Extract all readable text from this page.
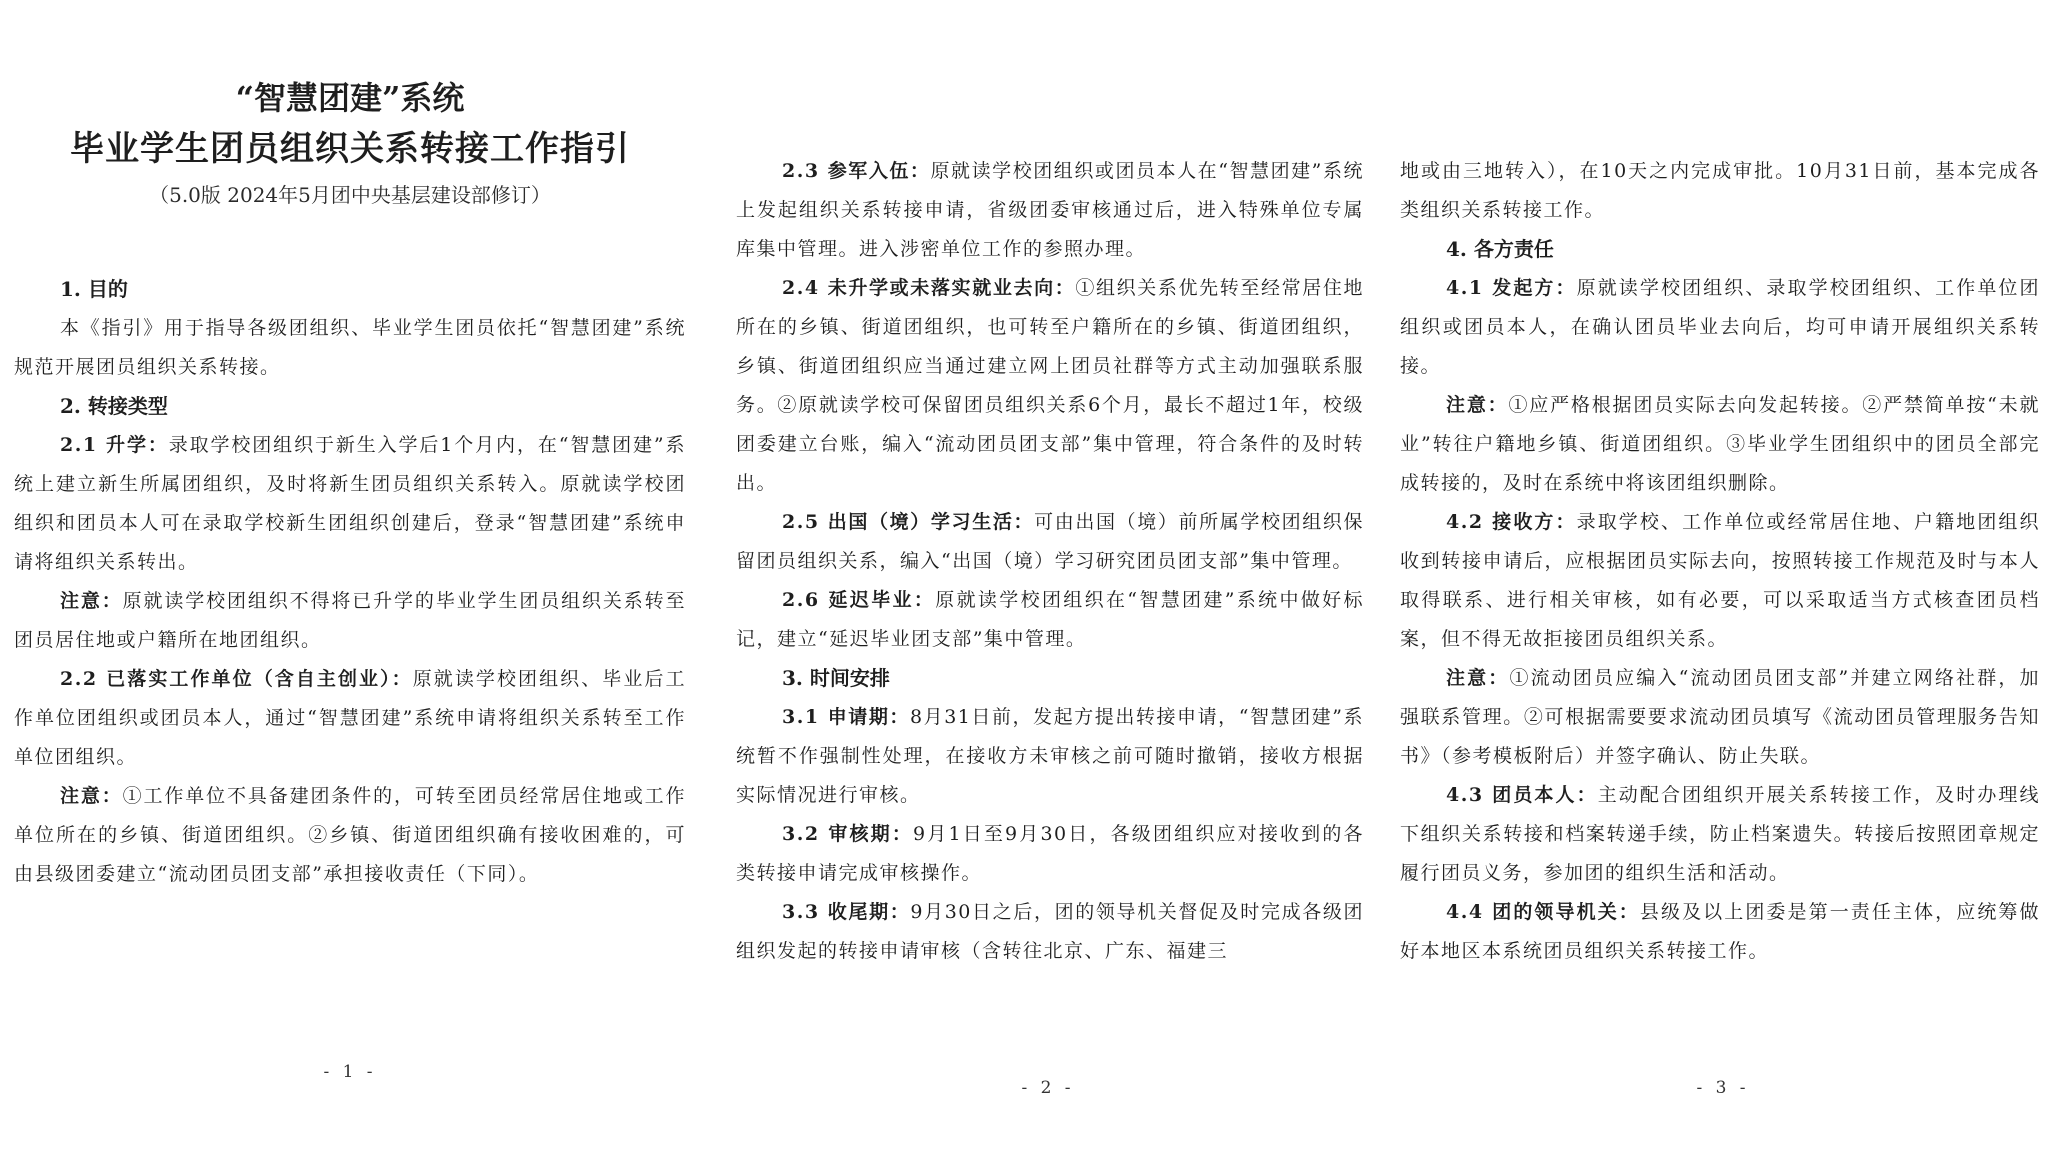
“智慧团建”系统
毕业学生团员组织关系转接工作指引
（5.0版 2024年5月团中央基层建设部修订）

1. 目的

本《指引》用于指导各级团组织、毕业学生团员依托“智慧团建”系统规范开展团员组织关系转接。

2. 转接类型

2.1 升学：录取学校团组织于新生入学后1个月内，在“智慧团建”系统上建立新生所属团组织，及时将新生团员组织关系转入。原就读学校团组织和团员本人可在录取学校新生团组织创建后，登录“智慧团建”系统申请将组织关系转出。

注意：原就读学校团组织不得将已升学的毕业学生团员组织关系转至团员居住地或户籍所在地团组织。

2.2 已落实工作单位（含自主创业）：原就读学校团组织、毕业后工作单位团组织或团员本人，通过“智慧团建”系统申请将组织关系转至工作单位团组织。

注意：①工作单位不具备建团条件的，可转至团员经常居住地或工作单位所在的乡镇、街道团组织。②乡镇、街道团组织确有接收困难的，可由县级团委建立“流动团员团支部”承担接收责任（下同）。

- 1 -

2.3 参军入伍：原就读学校团组织或团员本人在“智慧团建”系统上发起组织关系转接申请，省级团委审核通过后，进入特殊单位专属库集中管理。进入涉密单位工作的参照办理。

2.4 未升学或未落实就业去向：①组织关系优先转至经常居住地所在的乡镇、街道团组织，也可转至户籍所在的乡镇、街道团组织，乡镇、街道团组织应当通过建立网上团员社群等方式主动加强联系服务。②原就读学校可保留团员组织关系6个月，最长不超过1年，校级团委建立台账，编入“流动团员团支部”集中管理，符合条件的及时转出。

2.5 出国（境）学习生活：可由出国（境）前所属学校团组织保留团员组织关系，编入“出国（境）学习研究团员团支部”集中管理。

2.6 延迟毕业：原就读学校团组织在“智慧团建”系统中做好标记，建立“延迟毕业团支部”集中管理。

3. 时间安排

3.1 申请期：8月31日前，发起方提出转接申请，“智慧团建”系统暂不作强制性处理，在接收方未审核之前可随时撤销，接收方根据实际情况进行审核。

3.2 审核期：9月1日至9月30日，各级团组织应对接收到的各类转接申请完成审核操作。

3.3 收尾期：9月30日之后，团的领导机关督促及时完成各级团组织发起的转接申请审核（含转往北京、广东、福建三

- 2 -

地或由三地转入），在10天之内完成审批。10月31日前，基本完成各类组织关系转接工作。

4. 各方责任

4.1 发起方：原就读学校团组织、录取学校团组织、工作单位团组织或团员本人，在确认团员毕业去向后，均可申请开展组织关系转接。

注意：①应严格根据团员实际去向发起转接。②严禁简单按“未就业”转往户籍地乡镇、街道团组织。③毕业学生团组织中的团员全部完成转接的，及时在系统中将该团组织删除。

4.2 接收方：录取学校、工作单位或经常居住地、户籍地团组织收到转接申请后，应根据团员实际去向，按照转接工作规范及时与本人取得联系、进行相关审核，如有必要，可以采取适当方式核查团员档案，但不得无故拒接团员组织关系。

注意：①流动团员应编入“流动团员团支部”并建立网络社群，加强联系管理。②可根据需要要求流动团员填写《流动团员管理服务告知书》（参考模板附后）并签字确认、防止失联。

4.3 团员本人：主动配合团组织开展关系转接工作，及时办理线下组织关系转接和档案转递手续，防止档案遗失。转接后按照团章规定履行团员义务，参加团的组织生活和活动。

4.4 团的领导机关：县级及以上团委是第一责任主体，应统筹做好本地区本系统团员组织关系转接工作。

- 3 -
